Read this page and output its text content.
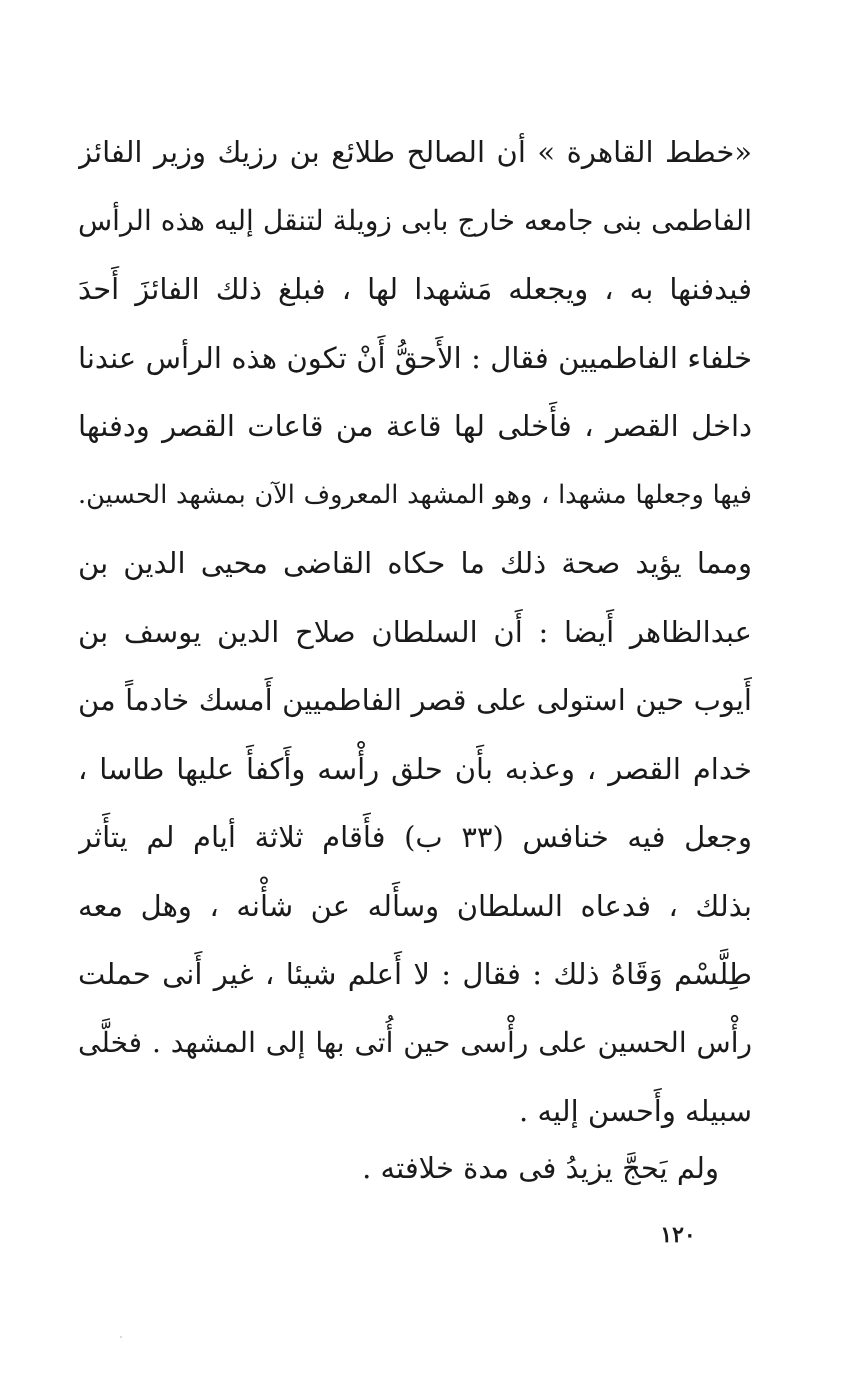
«خطط القاهرة » أن الصالح طلائع بن رزيك وزير الفائز
الفاطمى بنى جامعه خارج بابى زويلة لتنقل إليه هذه الرأس
فيدفنها به ، ويجعله مَشهدا لها ، فبلغ ذلك الفائزَ أَحدَ
خلفاء الفاطميين فقال : الأَحقُّ أَنْ تكون هذه الرأس عندنا
داخل القصر ، فأَخلى لها قاعة من قاعات القصر ودفنها
فيها وجعلها مشهدا ، وهو المشهد المعروف الآن بمشهد الحسين.
ومما يؤيد صحة ذلك ما حكاه القاضى محيى الدين بن
عبدالظاهر أَيضا : أَن السلطان صلاح الدين يوسف بن
أَيوب حين استولى على قصر الفاطميين أَمسك خادماً من
خدام القصر ، وعذبه بأَن حلق رأْسه وأَكفأَ عليها طاسا ،
وجعل فيه خنافس (٣٣ ب) فأَقام ثلاثة أيام لم يتأَثر
بذلك ، فدعاه السلطان وسأَله عن شأْنه ، وهل معه
طِلَّسْم وَقَاهُ ذلك : فقال : لا أَعلم شيئا ، غير أَنى حملت
رأْس الحسين على رأْسى حين أُتى بها إلى المشهد . فخلَّى
سبيله وأَحسن إليه .
ولم يَحجَّ يزيدُ فى مدة خلافته .
١٢٠
